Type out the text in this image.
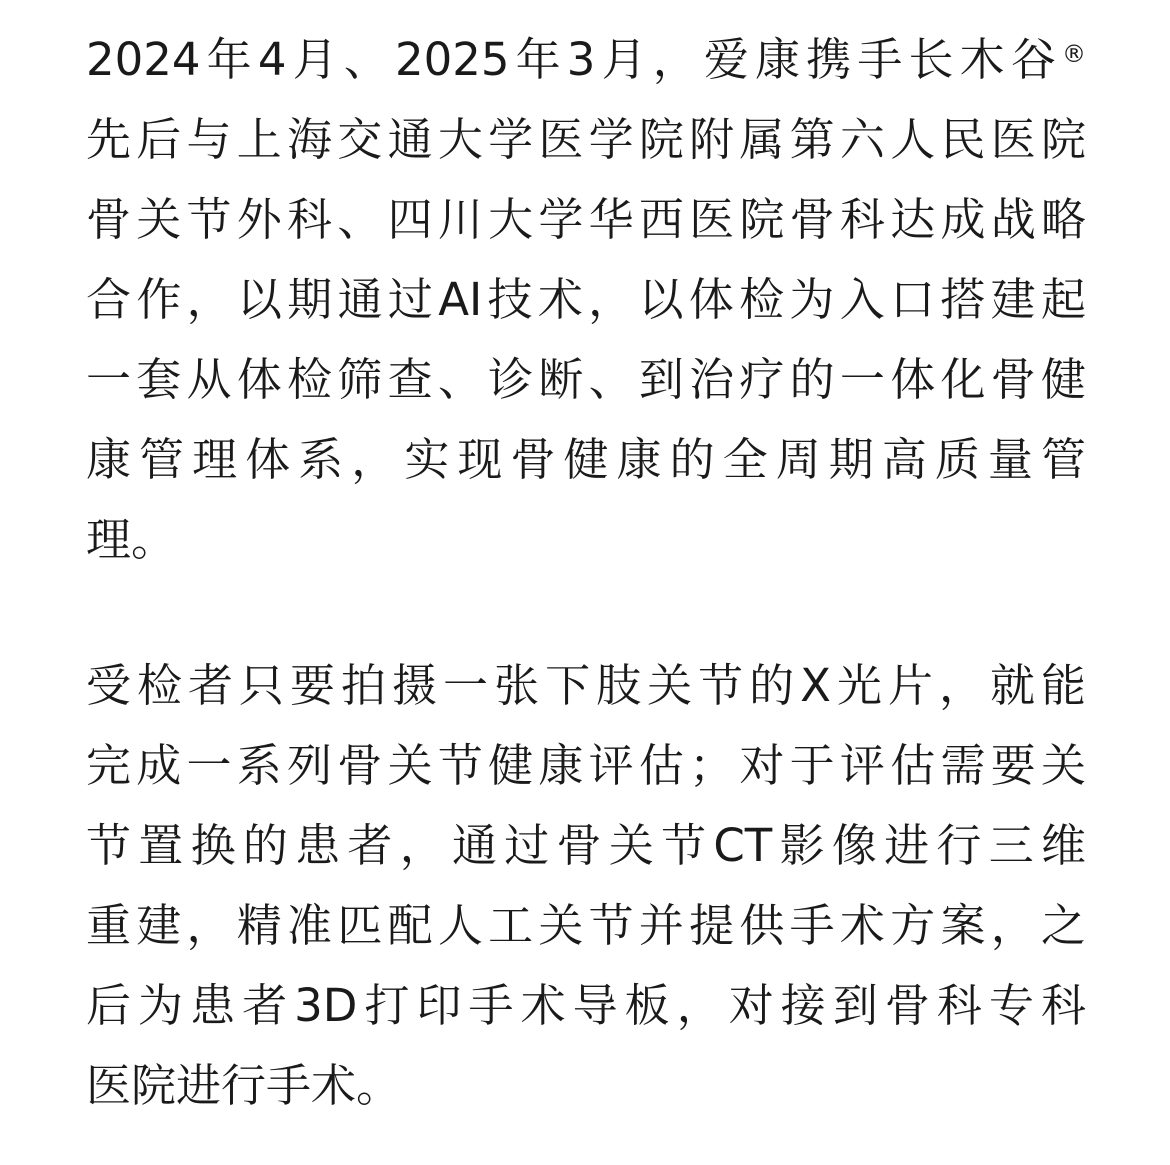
2024年4月、2025年3月，爱康携手长木谷®
先后与上海交通大学医学院附属第六人民医院
骨关节外科、四川大学华西医院骨科达成战略
合作，以期通过AI技术，以体检为入口搭建起
一套从体检筛查、诊断、到治疗的一体化骨健
康管理体系，实现骨健康的全周期高质量管
理。
受检者只要拍摄一张下肢关节的X光片，就能
完成一系列骨关节健康评估；对于评估需要关
节置换的患者，通过骨关节CT影像进行三维
重建，精准匹配人工关节并提供手术方案，之
后为患者3D打印手术导板，对接到骨科专科
医院进行手术。
